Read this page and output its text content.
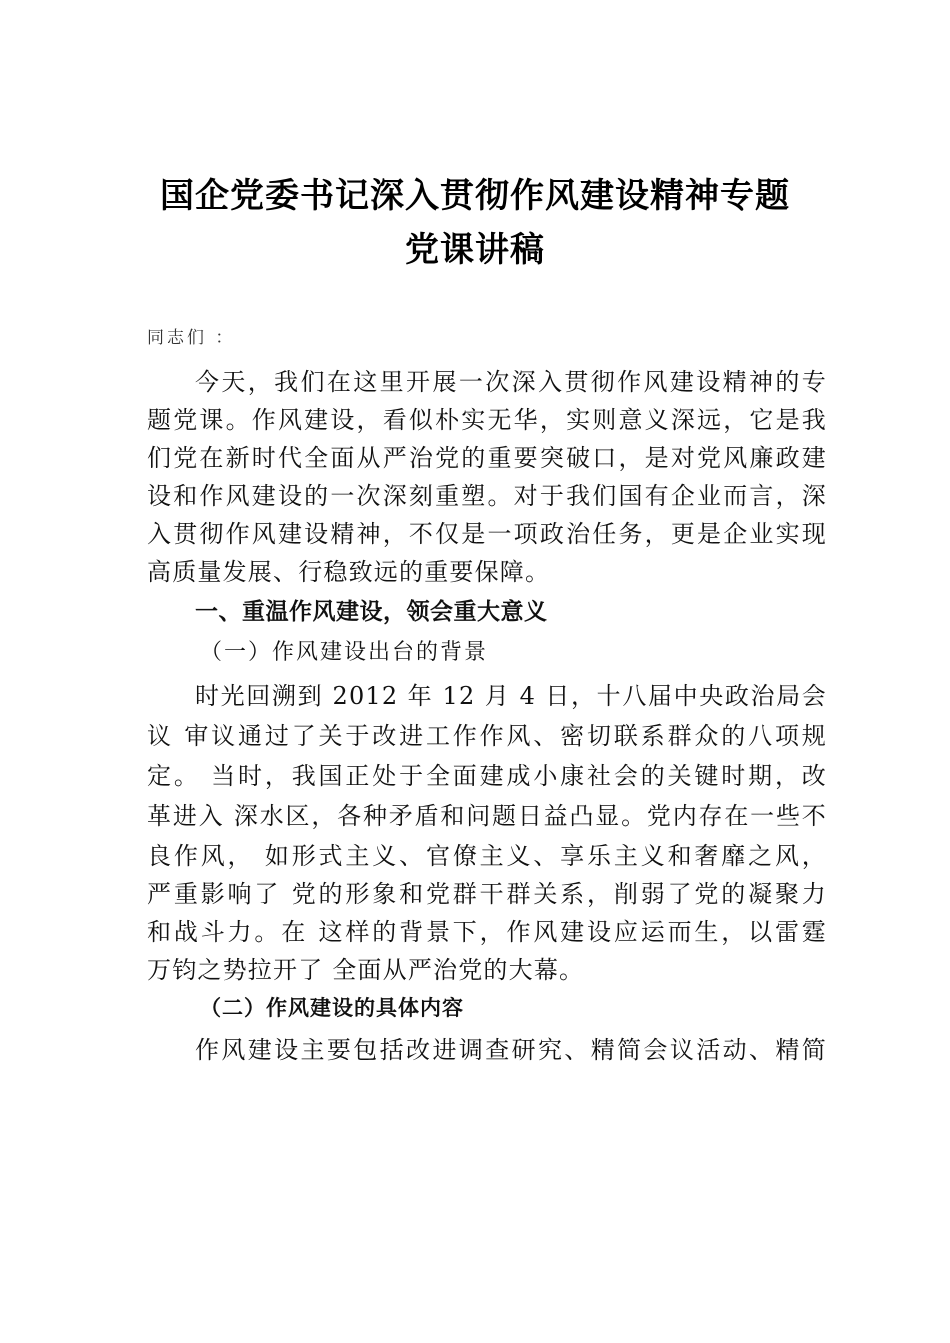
国企党委书记深入贯彻作风建设精神专题
党课讲稿

同志们 ：

今天，我们在这里开展一次深入贯彻作风建设精神的专

题党课。作风建设，看似朴实无华，实则意义深远，它是我

们党在新时代全面从严治党的重要突破口，是对党风廉政建

设和作风建设的一次深刻重塑。对于我们国有企业而言，深

入贯彻作风建设精神，不仅是一项政治任务，更是企业实现

高质量发展、行稳致远的重要保障。

一、重温作风建设，领会重大意义

（一）作风建设出台的背景

时光回溯到 2012 年 12 月 4 日，十八届中央政治局会

议 审议通过了关于改进工作作风、密切联系群众的八项规

定。 当时，我国正处于全面建成小康社会的关键时期，改

革进入 深水区，各种矛盾和问题日益凸显。党内存在一些不

良作风， 如形式主义、官僚主义、享乐主义和奢靡之风，

严重影响了 党的形象和党群干群关系，削弱了党的凝聚力

和战斗力。在 这样的背景下，作风建设应运而生，以雷霆

万钧之势拉开了 全面从严治党的大幕。

（二）作风建设的具体内容

作风建设主要包括改进调查研究、精简会议活动、精简
